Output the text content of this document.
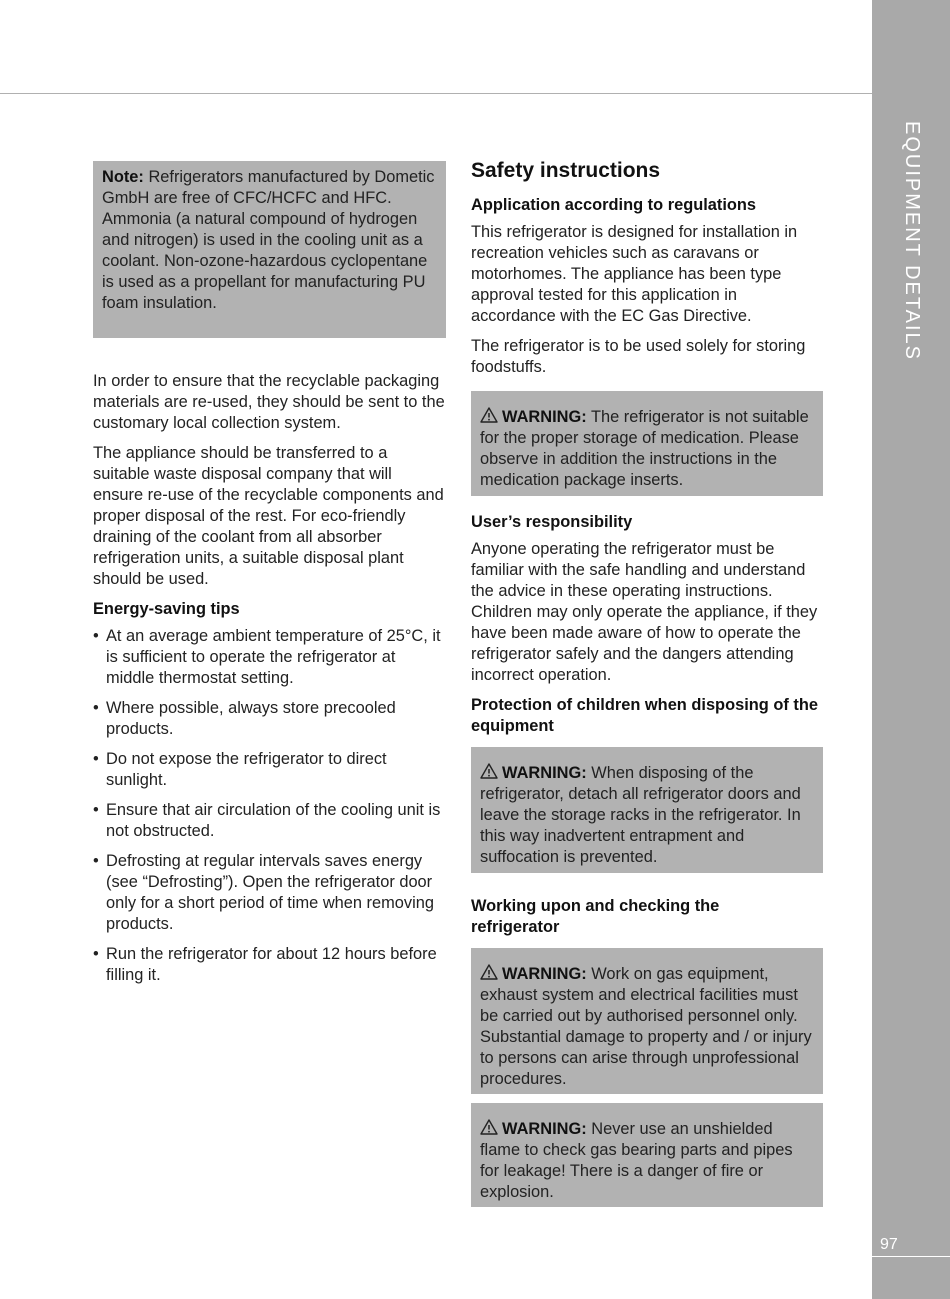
EQUIPMENT DETAILS
97

Note: Refrigerators manufactured by Dometic GmbH are free of CFC/HCFC and HFC. Ammonia (a natural compound of hydrogen and nitrogen) is used in the cooling unit as a coolant. Non-ozone-hazardous cyclopentane is used as a propellant for manufacturing PU foam insulation.

In order to ensure that the recyclable packaging materials are re-used, they should be sent to the customary local collection system.

The appliance should be transferred to a suitable waste disposal company that will ensure re-use of the recyclable components and proper disposal of the rest. For eco-friendly draining of the coolant from all absorber refrigeration units, a suitable disposal plant should be used.

Energy-saving tips
• At an average ambient temperature of 25°C, it is sufficient to operate the refrigerator at middle thermostat setting.
• Where possible, always store precooled products.
• Do not expose the refrigerator to direct sunlight.
• Ensure that air circulation of the cooling unit is not obstructed.
• Defrosting at regular intervals saves energy (see “Defrosting”). Open the refrigerator door only for a short period of time when removing products.
• Run the refrigerator for about 12 hours before filling it.
Safety instructions
Application according to regulations

This refrigerator is designed for installation in recreation vehicles such as caravans or motorhomes. The appliance has been type approval tested for this application in accordance with the EC Gas Directive.

The refrigerator is to be used solely for storing foodstuffs.

WARNING: The refrigerator is not suitable for the proper storage of medication. Please observe in addition the instructions in the medication package inserts.

User’s responsibility

Anyone operating the refrigerator must be familiar with the safe handling and understand the advice in these operating instructions. Children may only operate the appliance, if they have been made aware of how to operate the refrigerator safely and the dangers attending incorrect operation.

Protection of children when disposing of the equipment

WARNING: When disposing of the refrigerator, detach all refrigerator doors and leave the storage racks in the refrigerator. In this way inadvertent entrapment and suffocation is prevented.

Working upon and checking the refrigerator

WARNING: Work on gas equipment, exhaust system and electrical facilities must be carried out by authorised personnel only. Substantial damage to property and / or injury to persons can arise through unprofessional procedures.

WARNING: Never use an unshielded flame to check gas bearing parts and pipes for leakage! There is a danger of fire or explosion.
